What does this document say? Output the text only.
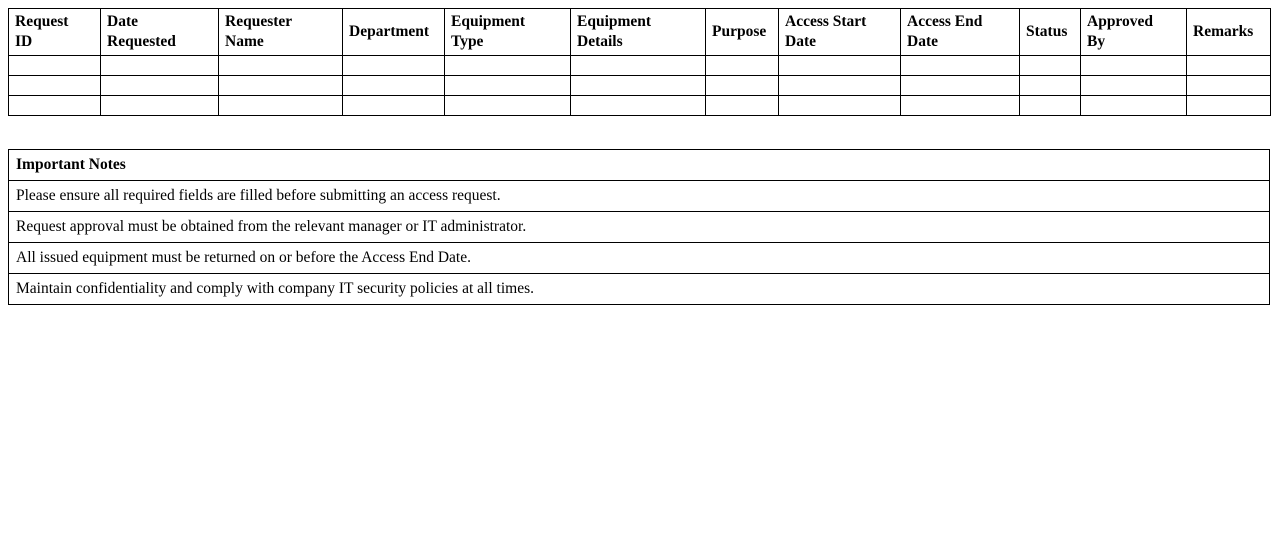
Request ID	Date Requested	Requester Name	Department	Equipment Type	Equipment Details	Purpose	Access Start Date	Access End Date	Status	Approved By	Remarks

Important Notes
Please ensure all required fields are filled before submitting an access request.
Request approval must be obtained from the relevant manager or IT administrator.
All issued equipment must be returned on or before the Access End Date.
Maintain confidentiality and comply with company IT security policies at all times.
